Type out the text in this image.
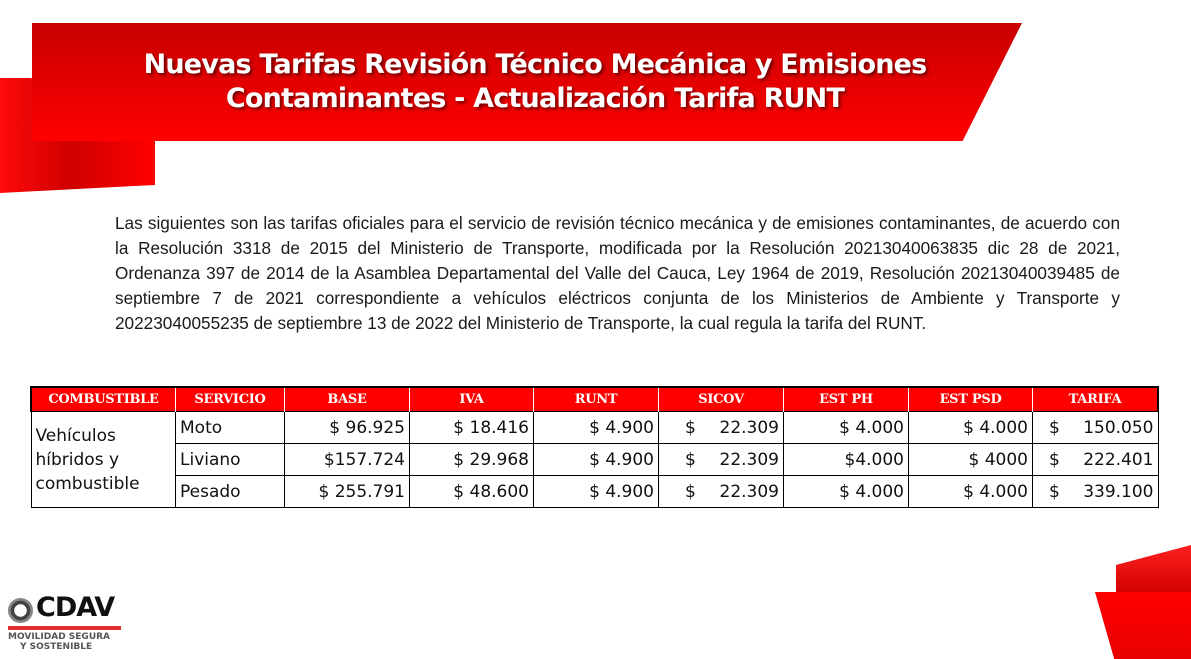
Nuevas Tarifas Revisión Técnico Mecánica y Emisiones
Contaminantes - Actualización Tarifa RUNT
Las siguientes son las tarifas oficiales para el servicio de revisión técnico mecánica y de emisiones contaminantes, de acuerdo con la Resolución 3318 de 2015 del Ministerio de Transporte, modificada por la Resolución 20213040063835 dic 28 de 2021, Ordenanza 397 de 2014 de la Asamblea Departamental del Valle del Cauca, Ley 1964 de 2019, Resolución 20213040039485 de septiembre 7 de 2021 correspondiente a vehículos eléctricos conjunta de los Ministerios de Ambiente y Transporte y 20223040055235 de septiembre 13 de 2022 del Ministerio de Transporte, la cual regula la tarifa del RUNT.
COMBUSTIBLE	SERVICIO	BASE	IVA	RUNT	SICOV	EST PH	EST PSD	TARIFA
Vehículos híbridos y combustible	Moto	$ 96.925	$ 18.416	$ 4.900	$ 22.309	$ 4.000	$ 4.000	$ 150.050
	Liviano	$157.724	$ 29.968	$ 4.900	$ 22.309	$4.000	$ 4000	$ 222.401
	Pesado	$ 255.791	$ 48.600	$ 4.900	$ 22.309	$ 4.000	$ 4.000	$ 339.100
CDAV
MOVILIDAD SEGURA
Y SOSTENIBLE
